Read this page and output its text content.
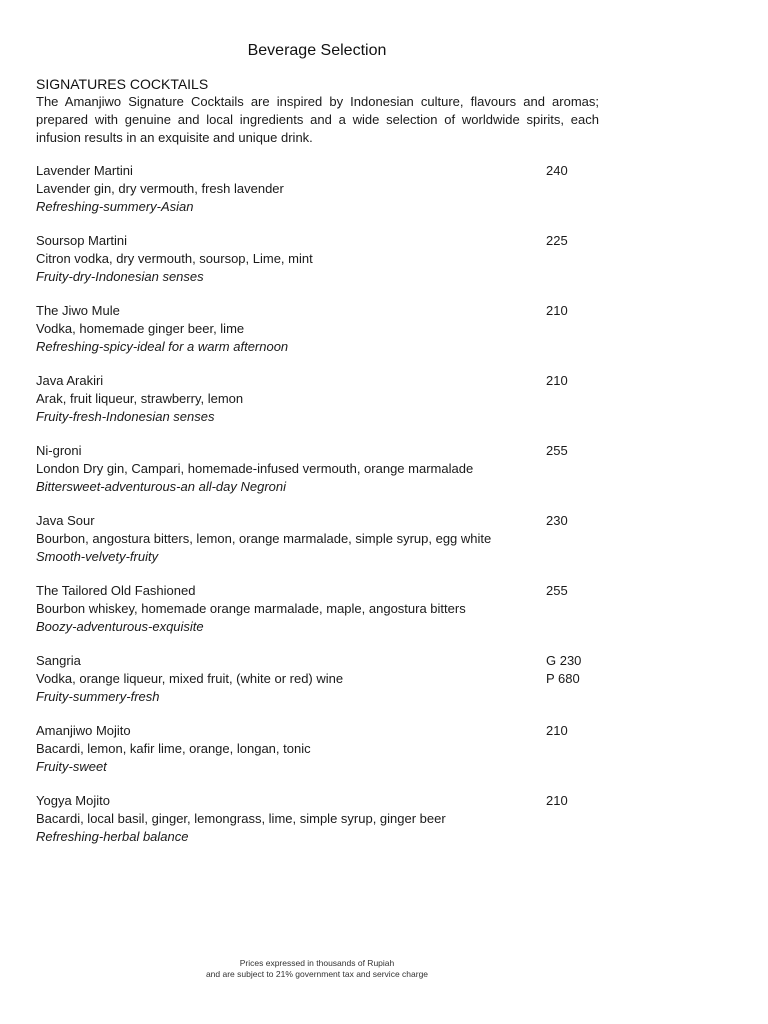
Beverage Selection
SIGNATURES COCKTAILS
The Amanjiwo Signature Cocktails are inspired by Indonesian culture, flavours and aromas; prepared with genuine and local ingredients and a wide selection of worldwide spirits, each infusion results in an exquisite and unique drink.
Lavender Martini
Lavender gin, dry vermouth, fresh lavender
Refreshing-summery-Asian
240
Soursop Martini
Citron vodka, dry vermouth, soursop, Lime, mint
Fruity-dry-Indonesian senses
225
The Jiwo Mule
Vodka, homemade ginger beer, lime
Refreshing-spicy-ideal for a warm afternoon
210
Java Arakiri
Arak, fruit liqueur, strawberry, lemon
Fruity-fresh-Indonesian senses
210
Ni-groni
London Dry gin, Campari, homemade-infused vermouth, orange marmalade
Bittersweet-adventurous-an all-day Negroni
255
Java Sour
Bourbon, angostura bitters, lemon, orange marmalade, simple syrup, egg white
Smooth-velvety-fruity
230
The Tailored Old Fashioned
Bourbon whiskey, homemade orange marmalade, maple, angostura bitters
Boozy-adventurous-exquisite
255
Sangria
Vodka, orange liqueur, mixed fruit, (white or red) wine
Fruity-summery-fresh
G 230
P 680
Amanjiwo Mojito
Bacardi, lemon, kafir lime, orange, longan, tonic
Fruity-sweet
210
Yogya Mojito
Bacardi, local basil, ginger, lemongrass, lime, simple syrup, ginger beer
Refreshing-herbal balance
210
Prices expressed in thousands of Rupiah
and are subject to 21% government tax and service charge
